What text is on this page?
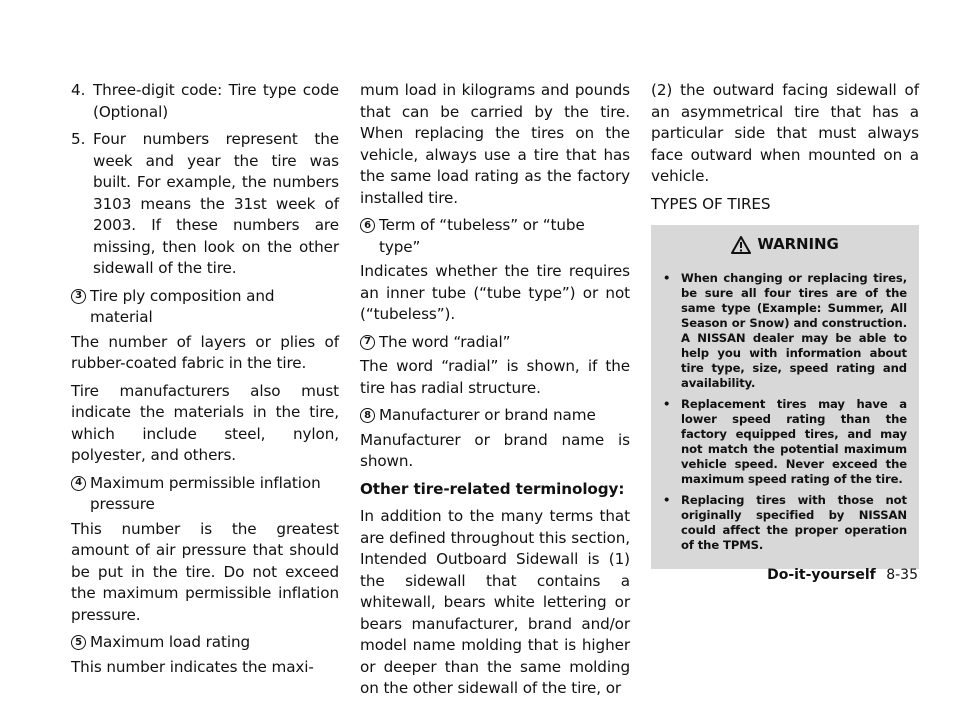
4. Three-digit code: Tire type code (Optional)
5. Four numbers represent the week and year the tire was built. For example, the numbers 3103 means the 31st week of 2003. If these numbers are missing, then look on the other sidewall of the tire.
3 Tire ply composition and material

The number of layers or plies of rubber-coated fabric in the tire.

Tire manufacturers also must indicate the materials in the tire, which include steel, nylon, polyester, and others.

4 Maximum permissible inflation pressure

This number is the greatest amount of air pressure that should be put in the tire. Do not exceed the maximum permissible inflation pressure.

5 Maximum load rating

This number indicates the maxi-

mum load in kilograms and pounds that can be carried by the tire. When replacing the tires on the vehicle, always use a tire that has the same load rating as the factory installed tire.

6 Term of “tubeless” or “tube type”

Indicates whether the tire requires an inner tube (“tube type”) or not (“tubeless”).

7 The word “radial”

The word “radial” is shown, if the tire has radial structure.

8 Manufacturer or brand name

Manufacturer or brand name is shown.

Other tire-related terminology:

In addition to the many terms that are defined throughout this section, Intended Outboard Sidewall is (1) the sidewall that contains a whitewall, bears white lettering or bears manufacturer, brand and/or model name molding that is higher or deeper than the same molding on the other sidewall of the tire, or

(2) the outward facing sidewall of an asymmetrical tire that has a particular side that must always face outward when mounted on a vehicle.

TYPES OF TIRES

WARNING
• When changing or replacing tires, be sure all four tires are of the same type (Example: Summer, All Season or Snow) and construction. A NISSAN dealer may be able to help you with information about tire type, size, speed rating and availability.
• Replacement tires may have a lower speed rating than the factory equipped tires, and may not match the potential maximum vehicle speed. Never exceed the maximum speed rating of the tire.
• Replacing tires with those not originally specified by NISSAN could affect the proper operation of the TPMS.
Do-it-yourself 8-35
